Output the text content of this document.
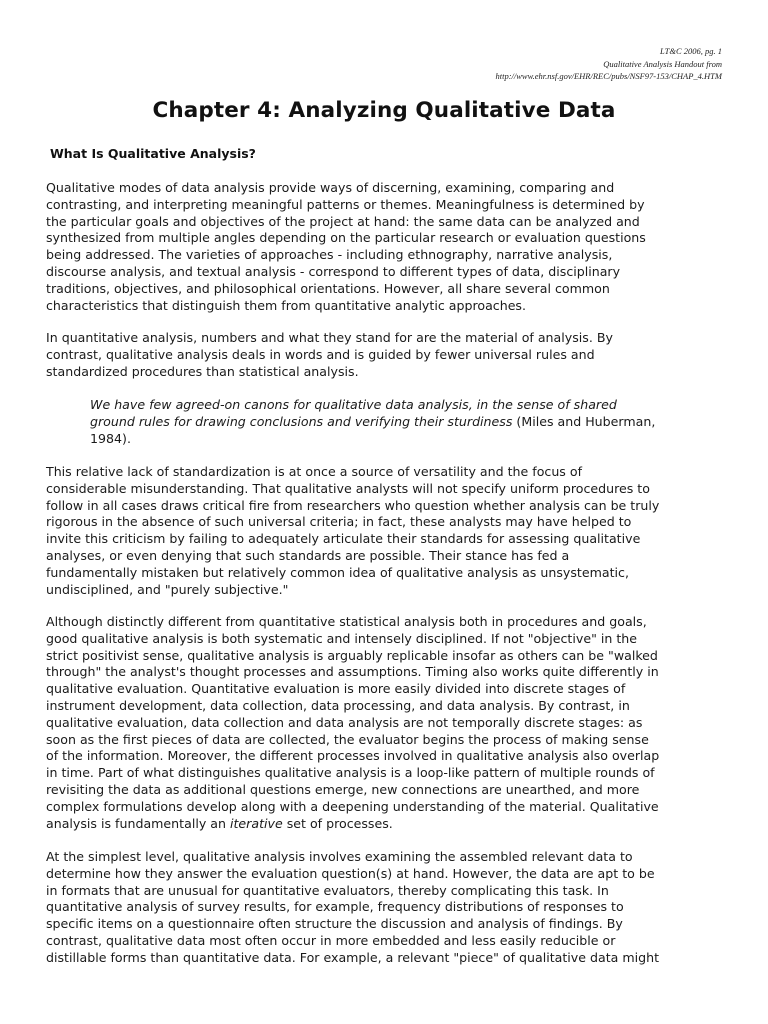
LT&C 2006, pg. 1
Qualitative Analysis Handout from
http://www.ehr.nsf.gov/EHR/REC/pubs/NSF97-153/CHAP_4.HTM
Chapter 4: Analyzing Qualitative Data
What Is Qualitative Analysis?

Qualitative modes of data analysis provide ways of discerning, examining, comparing and
contrasting, and interpreting meaningful patterns or themes. Meaningfulness is determined by
the particular goals and objectives of the project at hand: the same data can be analyzed and
synthesized from multiple angles depending on the particular research or evaluation questions
being addressed. The varieties of approaches - including ethnography, narrative analysis,
discourse analysis, and textual analysis - correspond to different types of data, disciplinary
traditions, objectives, and philosophical orientations. However, all share several common
characteristics that distinguish them from quantitative analytic approaches.

In quantitative analysis, numbers and what they stand for are the material of analysis. By
contrast, qualitative analysis deals in words and is guided by fewer universal rules and
standardized procedures than statistical analysis.

We have few agreed-on canons for qualitative data analysis, in the sense of shared
ground rules for drawing conclusions and verifying their sturdiness (Miles and Huberman,
1984).

This relative lack of standardization is at once a source of versatility and the focus of
considerable misunderstanding. That qualitative analysts will not specify uniform procedures to
follow in all cases draws critical fire from researchers who question whether analysis can be truly
rigorous in the absence of such universal criteria; in fact, these analysts may have helped to
invite this criticism by failing to adequately articulate their standards for assessing qualitative
analyses, or even denying that such standards are possible. Their stance has fed a
fundamentally mistaken but relatively common idea of qualitative analysis as unsystematic,
undisciplined, and "purely subjective."

Although distinctly different from quantitative statistical analysis both in procedures and goals,
good qualitative analysis is both systematic and intensely disciplined. If not "objective" in the
strict positivist sense, qualitative analysis is arguably replicable insofar as others can be "walked
through" the analyst's thought processes and assumptions. Timing also works quite differently in
qualitative evaluation. Quantitative evaluation is more easily divided into discrete stages of
instrument development, data collection, data processing, and data analysis. By contrast, in
qualitative evaluation, data collection and data analysis are not temporally discrete stages: as
soon as the first pieces of data are collected, the evaluator begins the process of making sense
of the information. Moreover, the different processes involved in qualitative analysis also overlap
in time. Part of what distinguishes qualitative analysis is a loop-like pattern of multiple rounds of
revisiting the data as additional questions emerge, new connections are unearthed, and more
complex formulations develop along with a deepening understanding of the material. Qualitative
analysis is fundamentally an iterative set of processes.

At the simplest level, qualitative analysis involves examining the assembled relevant data to
determine how they answer the evaluation question(s) at hand. However, the data are apt to be
in formats that are unusual for quantitative evaluators, thereby complicating this task. In
quantitative analysis of survey results, for example, frequency distributions of responses to
specific items on a questionnaire often structure the discussion and analysis of findings. By
contrast, qualitative data most often occur in more embedded and less easily reducible or
distillable forms than quantitative data. For example, a relevant "piece" of qualitative data might
